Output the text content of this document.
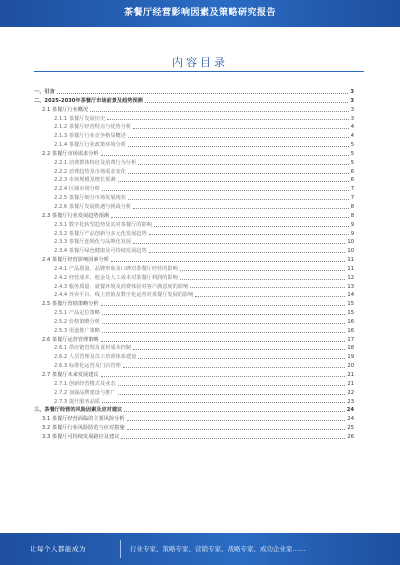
茶餐厅经营影响因素及策略研究报告
内容目录
一、引言	3
二、2025-2030年茶餐厅市场前景及趋势预测	3
2.1 茶餐厅行业概况	3
2.1.1 茶餐厅发展历史	3
2.1.2 茶餐厅经营特点与优势分析	4
2.1.3 茶餐厅行业竞争格局概述	4
2.1.4 茶餐厅行业政策环境分析	5
2.2 茶餐厅市场需求分析	5
2.2.1 消费群体特征及消费行为分析	5
2.2.2 消费趋势及市场需求变化	6
2.2.3 市场规模及增长预测	6
2.2.4 区域市场分析	7
2.2.5 茶餐厅细分市场发展现状	7
2.2.6 茶餐厅发展机遇与挑战分析	8
2.3 茶餐厅行业发展趋势预测	8
2.3.1 数字化转型趋势及其对茶餐厅的影响	9
2.3.2 茶餐厅产品创新与多元化发展趋势	9
2.3.3 茶餐厅连锁化与品牌化发展	10
2.3.4 茶餐厅绿色健康及可持续发展趋势	10
2.4 茶餐厅经营影响因素分析	11
2.4.1 产品质量、品牌形象及口碑对茶餐厅经营的影响	11
2.4.2 经营成本、租金及人工成本对茶餐厅利润的影响	12
2.4.3 服务质量、就餐环境及消费体验对客户满意度的影响	13
2.4.4 外卖平台、线上营销及数字化运营对茶餐厅发展的影响	14
2.5 茶餐厅营销策略分析	15
2.5.1 产品定位策略	15
2.5.2 价格策略分析	16
2.5.3 渠道推广策略	16
2.6 茶餐厅运营管理策略	17
2.6.1 供应链管理及食材成本控制	18
2.6.2 人员管理及员工培训体系建设	19
2.6.3 标准化运营及门店管理	20
2.7 茶餐厅未来发展建议	21
2.7.1 创新经营模式及业态	21
2.7.2 加强品牌建设与推广	22
2.7.3 提升服务品质	23
三、茶餐厅经营的风险因素及应对建议	24
3.1 茶餐厅经营面临的主要风险分析	24
3.2 茶餐厅行业风险防范与应对措施	25
3.3 茶餐厅可持续发展路径及建议	26
让每个人都能成为	行业专家、策略专家、营销专家、战略专家、成功企业家……
